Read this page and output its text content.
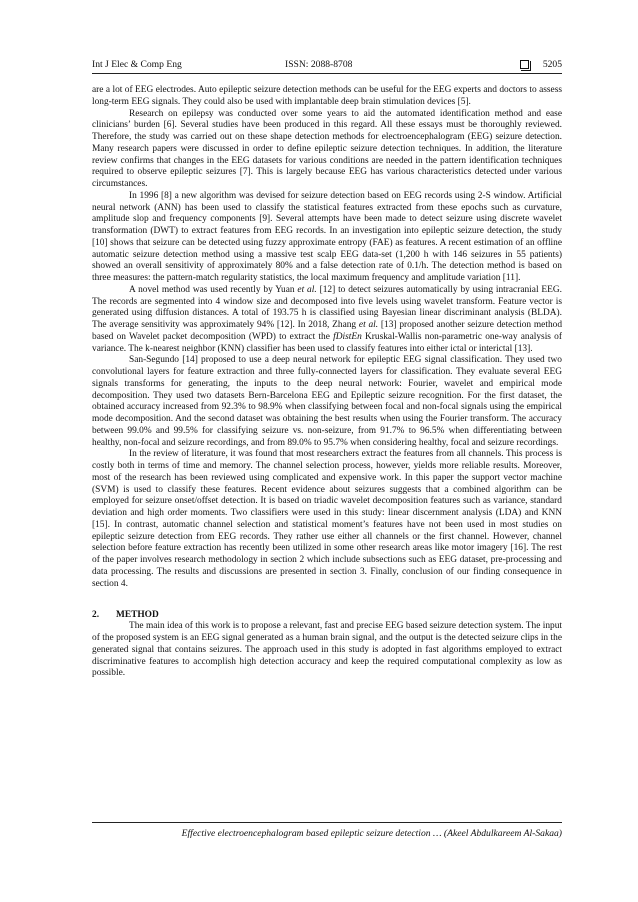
Int J Elec & Comp Eng	ISSN: 2088-8708	5205

are a lot of EEG electrodes. Auto epileptic seizure detection methods can be useful for the EEG experts and doctors to assess long-term EEG signals. They could also be used with implantable deep brain stimulation devices [5].

Research on epilepsy was conducted over some years to aid the automated identification method and ease clinicians’ burden [6]. Several studies have been produced in this regard. All these essays must be thoroughly reviewed. Therefore, the study was carried out on these shape detection methods for electroencephalogram (EEG) seizure detection. Many research papers were discussed in order to define epileptic seizure detection techniques. In addition, the literature review confirms that changes in the EEG datasets for various conditions are needed in the pattern identification techniques required to observe epileptic seizures [7]. This is largely because EEG has various characteristics detected under various circumstances.

In 1996 [8] a new algorithm was devised for seizure detection based on EEG records using 2-S window. Artificial neural network (ANN) has been used to classify the statistical features extracted from these epochs such as curvature, amplitude slop and frequency components [9]. Several attempts have been made to detect seizure using discrete wavelet transformation (DWT) to extract features from EEG records. In an investigation into epileptic seizure detection, the study [10] shows that seizure can be detected using fuzzy approximate entropy (FAE) as features. A recent estimation of an offline automatic seizure detection method using a massive test scalp EEG data-set (1,200 h with 146 seizures in 55 patients) showed an overall sensitivity of approximately 80% and a false detection rate of 0.1/h. The detection method is based on three measures: the pattern-match regularity statistics, the local maximum frequency and amplitude variation [11].

A novel method was used recently by Yuan et al. [12] to detect seizures automatically by using intracranial EEG. The records are segmented into 4 window size and decomposed into five levels using wavelet transform. Feature vector is generated using diffusion distances. A total of 193.75 h is classified using Bayesian linear discriminant analysis (BLDA). The average sensitivity was approximately 94% [12]. In 2018, Zhang et al. [13] proposed another seizure detection method based on Wavelet packet decomposition (WPD) to extract the fDistEn Kruskal-Wallis non-parametric one-way analysis of variance. The k-nearest neighbor (KNN) classifier has been used to classify features into either ictal or interictal [13].

San-Segundo [14] proposed to use a deep neural network for epileptic EEG signal classification. They used two convolutional layers for feature extraction and three fully-connected layers for classification. They evaluate several EEG signals transforms for generating, the inputs to the deep neural network: Fourier, wavelet and empirical mode decomposition. They used two datasets Bern-Barcelona EEG and Epileptic seizure recognition. For the first dataset, the obtained accuracy increased from 92.3% to 98.9% when classifying between focal and non-focal signals using the empirical mode decomposition. And the second dataset was obtaining the best results when using the Fourier transform. The accuracy between 99.0% and 99.5% for classifying seizure vs. non-seizure, from 91.7% to 96.5% when differentiating between healthy, non-focal and seizure recordings, and from 89.0% to 95.7% when considering healthy, focal and seizure recordings.

In the review of literature, it was found that most researchers extract the features from all channels. This process is costly both in terms of time and memory. The channel selection process, however, yields more reliable results. Moreover, most of the research has been reviewed using complicated and expensive work. In this paper the support vector machine (SVM) is used to classify these features. Recent evidence about seizures suggests that a combined algorithm can be employed for seizure onset/offset detection. It is based on triadic wavelet decomposition features such as variance, standard deviation and high order moments. Two classifiers were used in this study: linear discernment analysis (LDA) and KNN [15]. In contrast, automatic channel selection and statistical moment’s features have not been used in most studies on epileptic seizure detection from EEG records. They rather use either all channels or the first channel. However, channel selection before feature extraction has recently been utilized in some other research areas like motor imagery [16]. The rest of the paper involves research methodology in section 2 which include subsections such as EEG dataset, pre-processing and data processing. The results and discussions are presented in section 3. Finally, conclusion of our finding consequence in section 4.

2. METHOD

The main idea of this work is to propose a relevant, fast and precise EEG based seizure detection system. The input of the proposed system is an EEG signal generated as a human brain signal, and the output is the detected seizure clips in the generated signal that contains seizures. The approach used in this study is adopted in fast algorithms employed to extract discriminative features to accomplish high detection accuracy and keep the required computational complexity as low as possible.

Effective electroencephalogram based epileptic seizure detection … (Akeel Abdulkareem Al-Sakaa)
